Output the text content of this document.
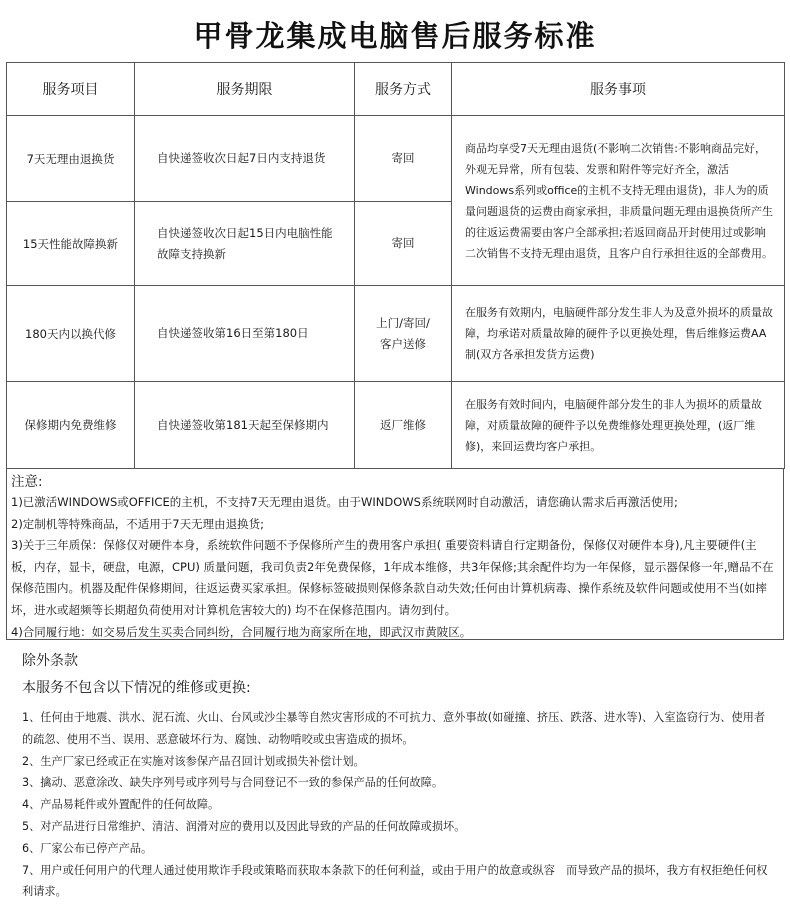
甲骨龙集成电脑售后服务标准
服务项目	服务期限	服务方式	服务事项
7天无理由退换货	自快递签收次日起7日内支持退货	寄回	商品均享受7天无理由退货(不影响二次销售:不影响商品完好，外观无异常，所有包装、发票和附件等完好齐全，激活Windows系列或office的主机不支持无理由退货)，非人为的质量问题退货的运费由商家承担，非质量问题无理由退换货所产生的往返运费需要由客户全部承担;若返回商品开封使用过或影响二次销售不支持无理由退货，且客户自行承担往返的全部费用。
15天性能故障换新	自快递签收次日起15日内电脑性能故障支持换新	寄回	
180天内以换代修	自快递签收第16日至第180日	上门/寄回/客户送修	在服务有效期内，电脑硬件部分发生非人为及意外损坏的质量故障，均承诺对质量故障的硬件予以更换处理，售后维修运费AA制(双方各承担发货方运费)
保修期内免费维修	自快递签收第181天起至保修期内	返厂维修	在服务有效时间内，电脑硬件部分发生的非人为损坏的质量故障，对质量故障的硬件予以免费维修处理更换处理，(返厂维修)，来回运费均客户承担。
注意:

1)已激活WINDOWS或OFFICE的主机，不支持7天无理由退货。由于WINDOWS系统联网时自动激活，请您确认需求后再激活使用;

2)定制机等特殊商品，不适用于7天无理由退换货;

3)关于三年质保：保修仅对硬件本身，系统软件问题不予保修所产生的费用客户承担( 重要资料请自行定期备份，保修仅对硬件本身),凡主要硬件(主板，内存，显卡，硬盘，电源，CPU) 质量问题，我司负责2年免费保修，1年成本维修，共3年保修;其余配件均为一年保修，显示器保修一年,赠品不在保修范围内。机器及配件保修期间，往返运费买家承担。保修标签破损则保修条款自动失效;任何由计算机病毒、操作系统及软件问题或使用不当(如摔坏，进水或超频等长期超负荷使用对计算机危害较大的) 均不在保修范围内。请勿到付。

4)合同履行地：如交易后发生买卖合同纠纷，合同履行地为商家所在地，即武汉市黄陂区。

除外条款
本服务不包含以下情况的维修或更换:

1、任何由于地震、洪水、泥石流、火山、台风或沙尘暴等自然灾害形成的不可抗力、意外事故(如碰撞、挤压、跌落、进水等)、入室盗窃行为、使用者的疏忽、使用不当、误用、恶意破坏行为、腐蚀、动物啃咬或虫害造成的损坏。

2、生产厂家已经或正在实施对该参保产品召回计划或损失补偿计划。

3、擒动、恶意涂改、缺失序列号或序列号与合同登记不一致的参保产品的任何故障。

4、产品易耗件或外置配件的任何故障。

5、对产品进行日常维护、清洁、润滑对应的费用以及因此导致的产品的任何故障或损坏。

6、厂家公布已停产产品。

7、用户或任何用户的代理人通过使用欺诈手段或策略而获取本条款下的任何利益，或由于用户的故意或纵容　而导致产品的损坏，我方有权拒绝任何权利请求。
